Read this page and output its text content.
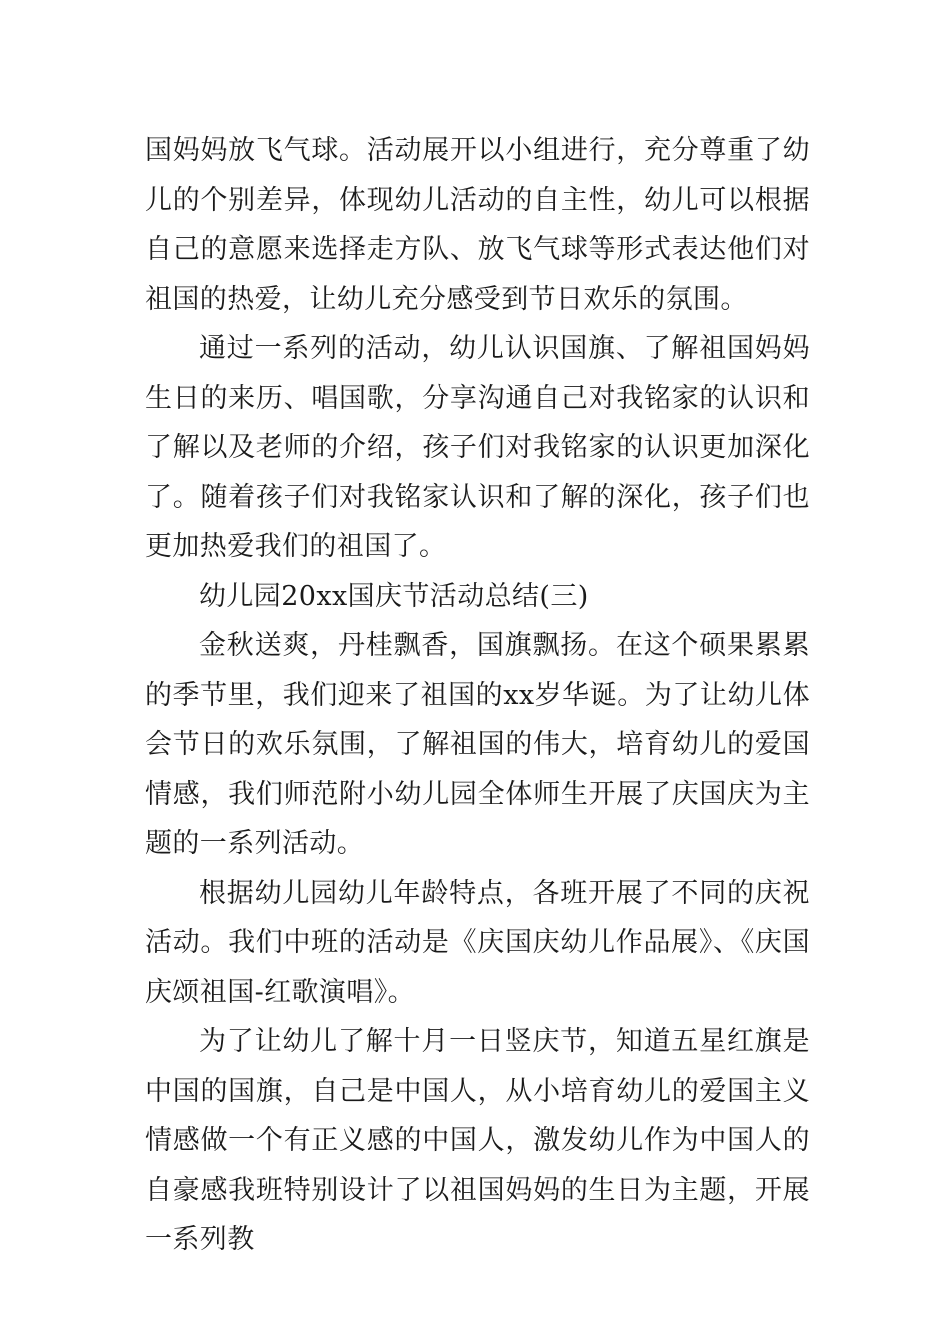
国妈妈放飞气球。活动展开以小组进行，充分尊重了幼儿的个别差异，体现幼儿活动的自主性，幼儿可以根据自己的意愿来选择走方队、放飞气球等形式表达他们对祖国的热爱，让幼儿充分感受到节日欢乐的氛围。

通过一系列的活动，幼儿认识国旗、了解祖国妈妈生日的来历、唱国歌，分享沟通自己对我铭家的认识和了解以及老师的介绍，孩子们对我铭家的认识更加深化了。随着孩子们对我铭家认识和了解的深化，孩子们也更加热爱我们的祖国了。

幼儿园20xx国庆节活动总结(三)

金秋送爽，丹桂飘香，国旗飘扬。在这个硕果累累的季节里，我们迎来了祖国的xx岁华诞。为了让幼儿体会节日的欢乐氛围，了解祖国的伟大，培育幼儿的爱国情感，我们师范附小幼儿园全体师生开展了庆国庆为主题的一系列活动。

根据幼儿园幼儿年龄特点，各班开展了不同的庆祝活动。我们中班的活动是《庆国庆幼儿作品展》、《庆国庆颂祖国-红歌演唱》。

为了让幼儿了解十月一日竖庆节，知道五星红旗是中国的国旗，自己是中国人，从小培育幼儿的爱国主义情感做一个有正义感的中国人，激发幼儿作为中国人的自豪感我班特别设计了以祖国妈妈的生日为主题，开展一系列教
